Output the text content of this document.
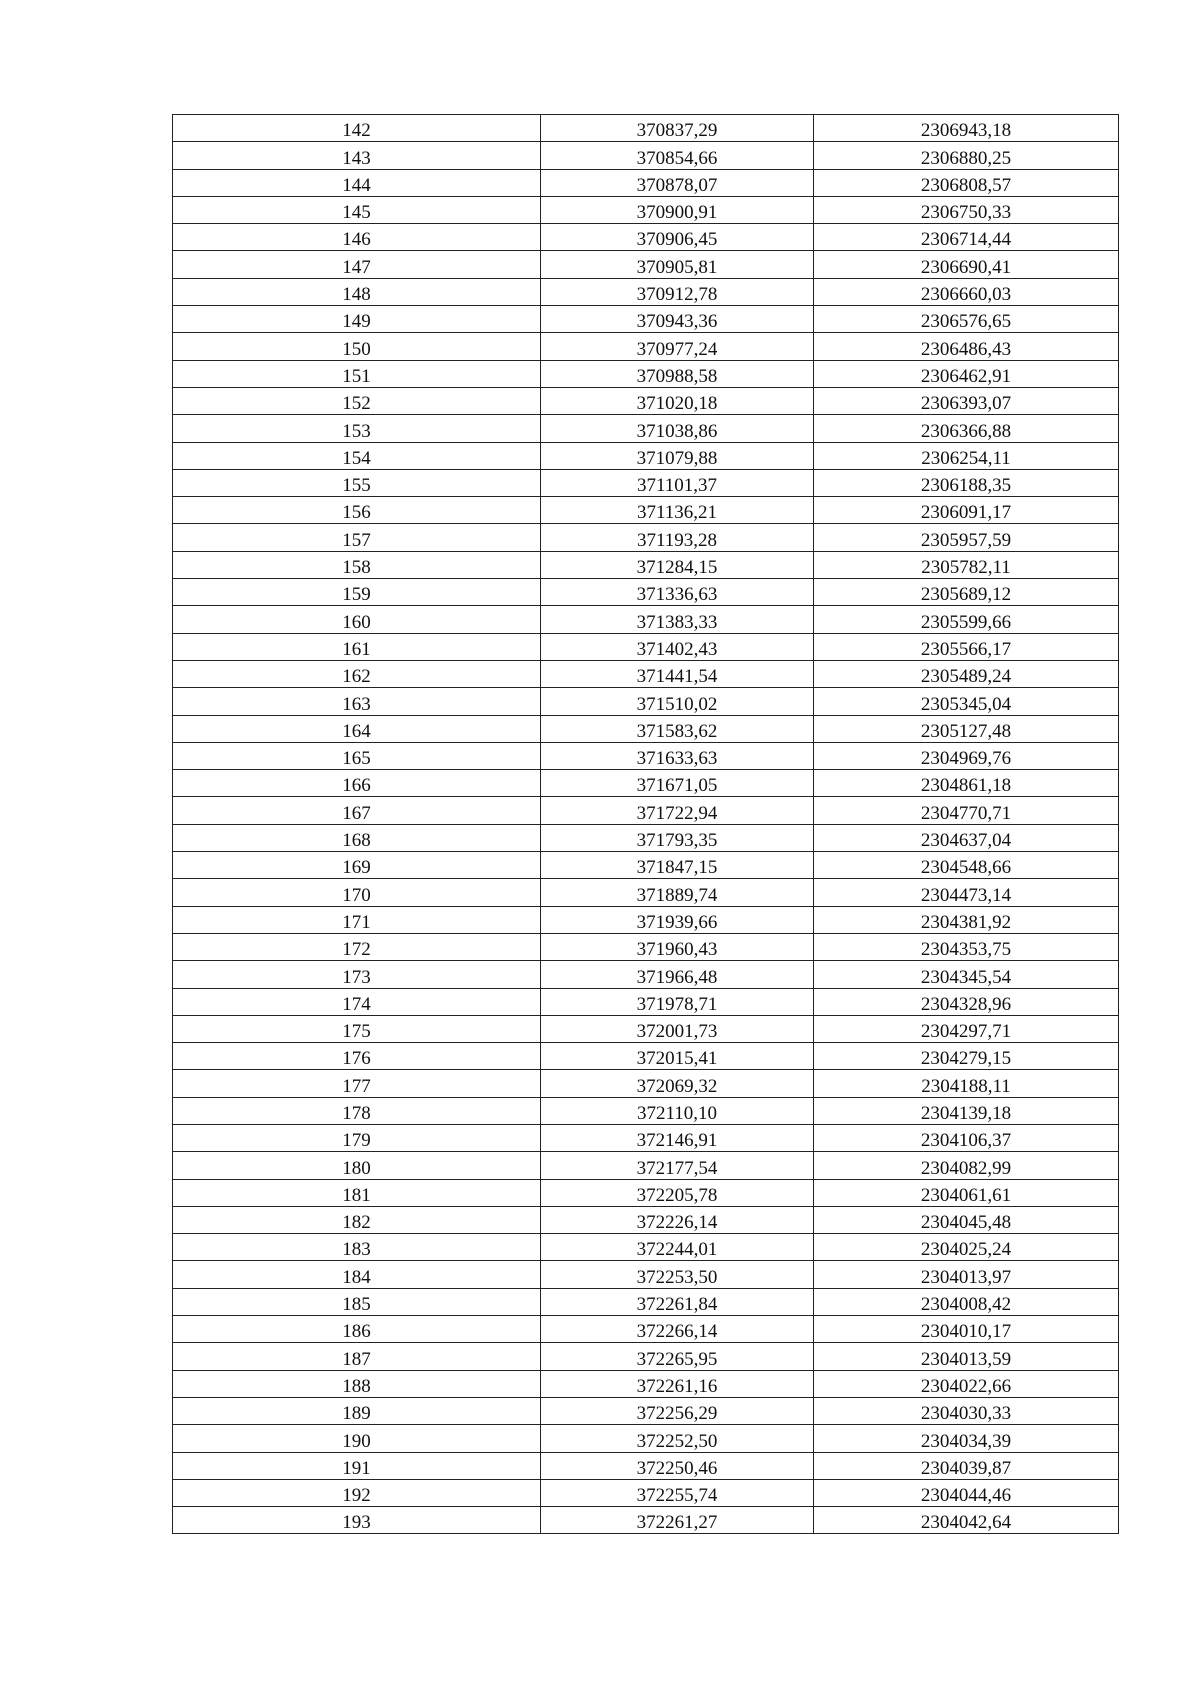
142	370837,29	2306943,18
143	370854,66	2306880,25
144	370878,07	2306808,57
145	370900,91	2306750,33
146	370906,45	2306714,44
147	370905,81	2306690,41
148	370912,78	2306660,03
149	370943,36	2306576,65
150	370977,24	2306486,43
151	370988,58	2306462,91
152	371020,18	2306393,07
153	371038,86	2306366,88
154	371079,88	2306254,11
155	371101,37	2306188,35
156	371136,21	2306091,17
157	371193,28	2305957,59
158	371284,15	2305782,11
159	371336,63	2305689,12
160	371383,33	2305599,66
161	371402,43	2305566,17
162	371441,54	2305489,24
163	371510,02	2305345,04
164	371583,62	2305127,48
165	371633,63	2304969,76
166	371671,05	2304861,18
167	371722,94	2304770,71
168	371793,35	2304637,04
169	371847,15	2304548,66
170	371889,74	2304473,14
171	371939,66	2304381,92
172	371960,43	2304353,75
173	371966,48	2304345,54
174	371978,71	2304328,96
175	372001,73	2304297,71
176	372015,41	2304279,15
177	372069,32	2304188,11
178	372110,10	2304139,18
179	372146,91	2304106,37
180	372177,54	2304082,99
181	372205,78	2304061,61
182	372226,14	2304045,48
183	372244,01	2304025,24
184	372253,50	2304013,97
185	372261,84	2304008,42
186	372266,14	2304010,17
187	372265,95	2304013,59
188	372261,16	2304022,66
189	372256,29	2304030,33
190	372252,50	2304034,39
191	372250,46	2304039,87
192	372255,74	2304044,46
193	372261,27	2304042,64
